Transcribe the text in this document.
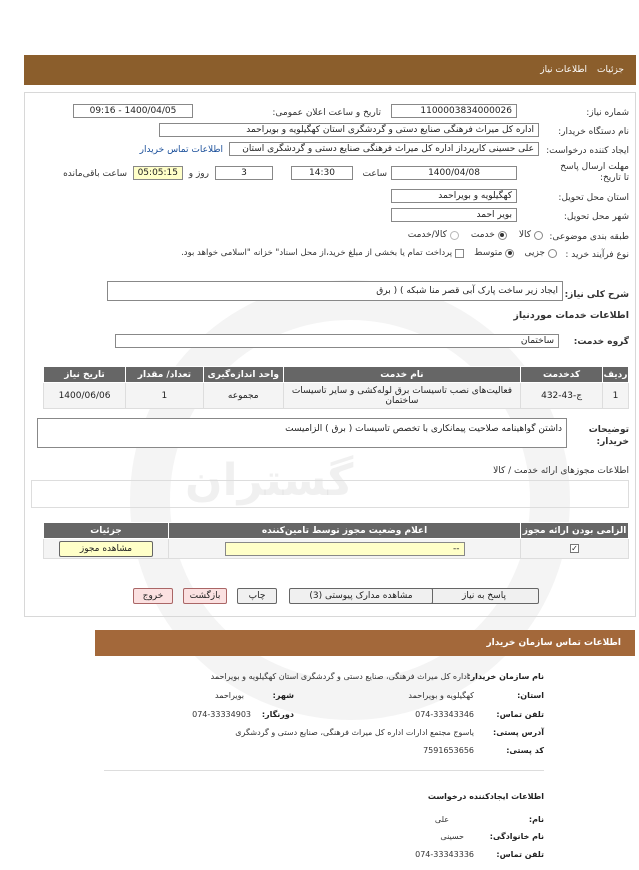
گستران
جزئیات
اطلاعات نیاز
شماره نیاز:
1100003834000026
تاریخ و ساعت اعلان عمومی:
1400/04/05 - 09:16
نام دستگاه خریدار:
اداره کل میراث فرهنگی صنایع دستی و گردشگری استان کهگیلویه و بویراحمد
ایجاد کننده درخواست:
علی حسینی کارپرداز اداره کل میراث فرهنگی صنایع دستی و گردشگری استان
اطلاعات تماس خریدار
مهلت ارسال پاسخ تا تاریخ:
1400/04/08
ساعت
14:30
3
روز و
05:05:15
ساعت باقی‌مانده
استان محل تحویل:
کهگیلویه و بویراحمد
شهر محل تحویل:
بویر احمد
طبقه بندی موضوعی:
کالا
خدمت
کالا/خدمت
نوع فرآیند خرید :
جزیی
متوسط
پرداخت تمام یا بخشی از مبلغ خرید،از محل اسناد" خزانه "اسلامی خواهد بود.
شرح کلی نیاز:
ایجاد زیر ساخت پارک آبی قصر منا شبکه ) ( برق
اطلاعات خدمات موردنیاز
گروه خدمت:
ساختمان
ردیف	کدخدمت	نام خدمت	واحد اندازه‌گیری	تعداد/ مقدار	تاریخ نیاز
1	ج-43-432	فعالیت‌های نصب تاسیسات برق لوله‌کشی و سایر تاسیسات ساختمان	مجموعه	1	1400/06/06
توضیحات خریدار:
داشتن گواهینامه صلاحیت پیمانکاری با تخصص تاسیسات ( برق ) الزامیست
اطلاعات مجوزهای ارائه خدمت / کالا
الزامی بودن ارائه مجوز	اعلام وضعیت مجوز توسط تامین‌کننده	جزئیات
✓	--	مشاهده مجوز
پاسخ به نیاز
مشاهده مدارک پیوستی (3)
چاپ
بازگشت
خروج
اطلاعات تماس سازمان خریدار
نام سازمان خریدار:
اداره کل میراث فرهنگی، صنایع دستی و گردشگری استان کهگیلویه و بویراحمد
استان:
کهگیلویه و بویراحمد
شهر:
بویراحمد
تلفن تماس:
074-33343346
دورنگار:
074-33334903
آدرس پستی:
یاسوج مجتمع ادارات اداره کل میراث فرهنگی، صنایع دستی و گردشگری
کد پستی:
7591653656
اطلاعات ایجادکننده درخواست
نام:
علی
نام خانوادگی:
حسینی
تلفن تماس:
074-33343336
